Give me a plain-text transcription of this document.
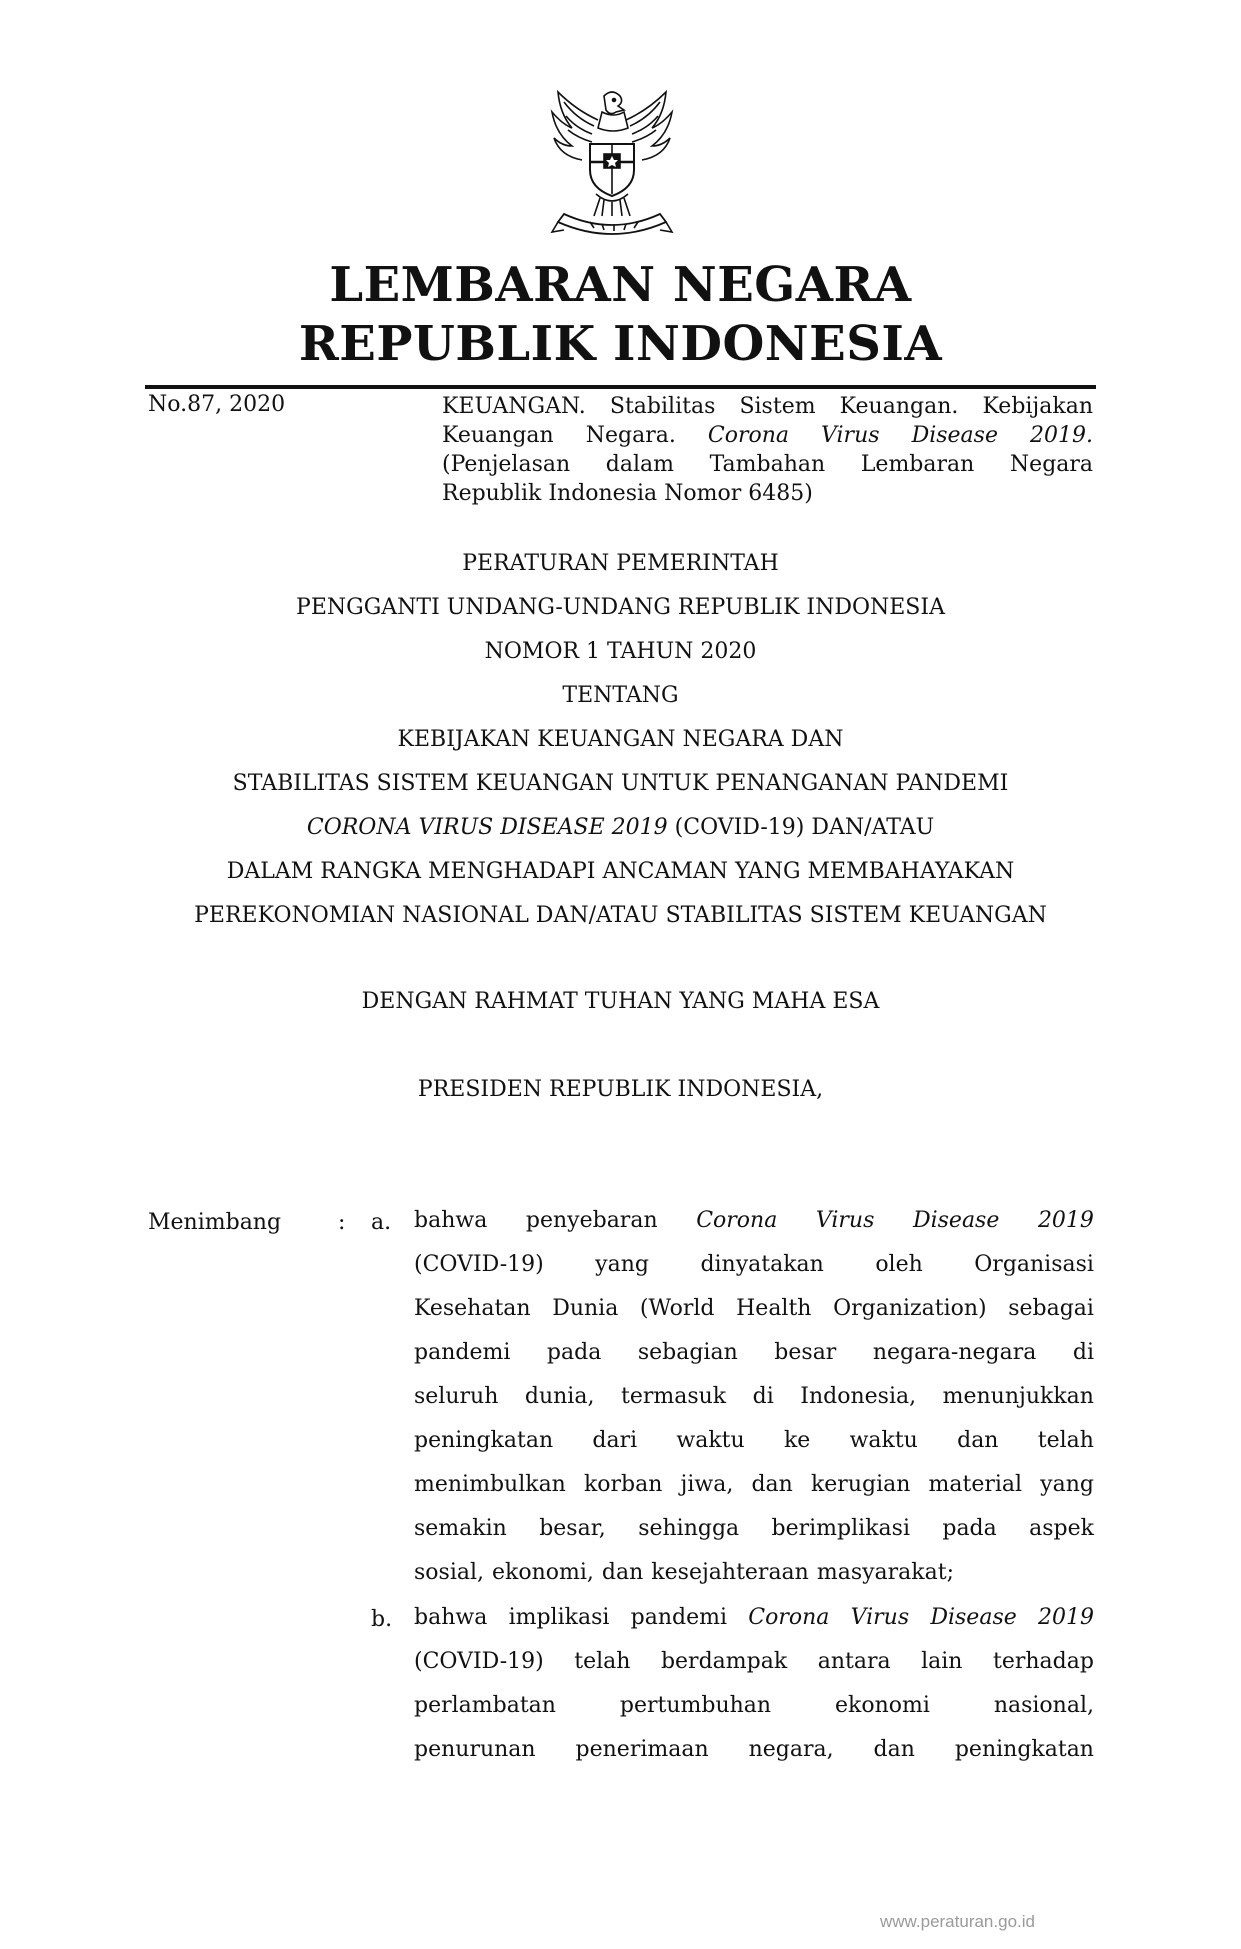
LEMBARAN NEGARA
REPUBLIK INDONESIA
No.87, 2020	KEUANGAN. Stabilitas Sistem Keuangan. Kebijakan
Keuangan Negara. Corona Virus Disease 2019.
(Penjelasan dalam Tambahan Lembaran Negara
Republik Indonesia Nomor 6485)
PERATURAN PEMERINTAH
PENGGANTI UNDANG-UNDANG REPUBLIK INDONESIA
NOMOR 1 TAHUN 2020
TENTANG
KEBIJAKAN KEUANGAN NEGARA DAN
STABILITAS SISTEM KEUANGAN UNTUK PENANGANAN PANDEMI
CORONA VIRUS DISEASE 2019 (COVID-19) DAN/ATAU
DALAM RANGKA MENGHADAPI ANCAMAN YANG MEMBAHAYAKAN
PEREKONOMIAN NASIONAL DAN/ATAU STABILITAS SISTEM KEUANGAN
DENGAN RAHMAT TUHAN YANG MAHA ESA
PRESIDEN REPUBLIK INDONESIA,
Menimbang	: a. bahwa penyebaran Corona Virus Disease 2019
(COVID-19) yang dinyatakan oleh Organisasi
Kesehatan Dunia (World Health Organization) sebagai
pandemi pada sebagian besar negara-negara di
seluruh dunia, termasuk di Indonesia, menunjukkan
peningkatan dari waktu ke waktu dan telah
menimbulkan korban jiwa, dan kerugian material yang
semakin besar, sehingga berimplikasi pada aspek
sosial, ekonomi, dan kesejahteraan masyarakat;
b. bahwa implikasi pandemi Corona Virus Disease 2019
(COVID-19) telah berdampak antara lain terhadap
perlambatan	pertumbuhan	ekonomi	nasional,
penurunan penerimaan negara, dan peningkatan
www.peraturan.go.id
